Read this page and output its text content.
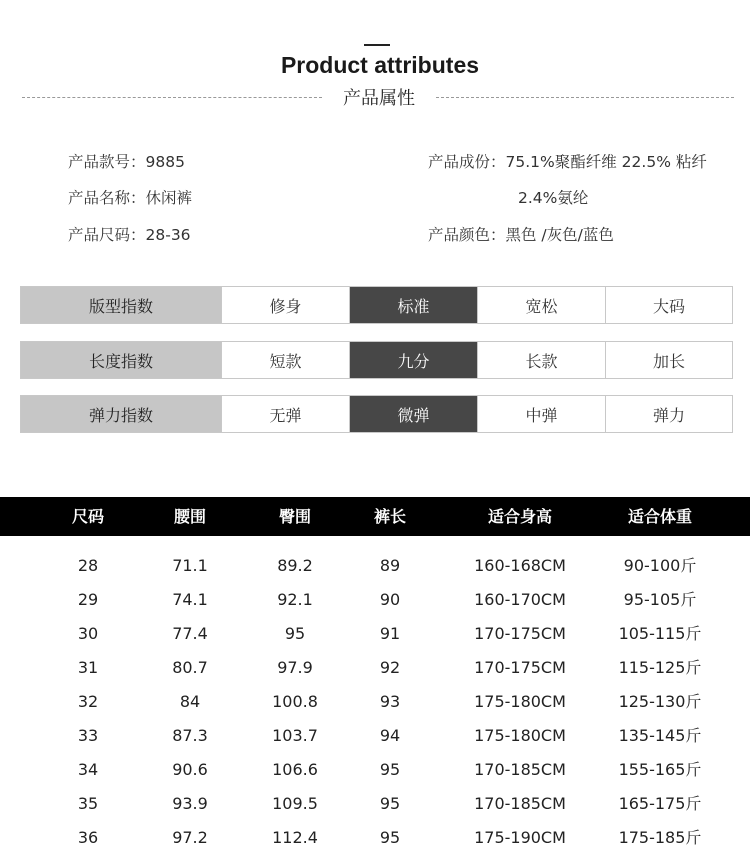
Product attributes
产品属性
产品款号：9885
产品名称：休闲裤
产品尺码：28-36
产品成份：75.1%聚酯纤维 22.5% 粘纤
2.4%氨纶
产品颜色：黑色 /灰色/蓝色
版型指数	修身	标准	宽松	大码
长度指数	短款	九分	长款	加长
弹力指数	无弹	微弹	中弹	弹力
尺码	腰围	臀围	裤长	适合身高	适合体重
28	71.1	89.2	89	160-168CM	90-100斤
29	74.1	92.1	90	160-170CM	95-105斤
30	77.4	95	91	170-175CM	105-115斤
31	80.7	97.9	92	170-175CM	115-125斤
32	84	100.8	93	175-180CM	125-130斤
33	87.3	103.7	94	175-180CM	135-145斤
34	90.6	106.6	95	170-185CM	155-165斤
35	93.9	109.5	95	170-185CM	165-175斤
36	97.2	112.4	95	175-190CM	175-185斤
